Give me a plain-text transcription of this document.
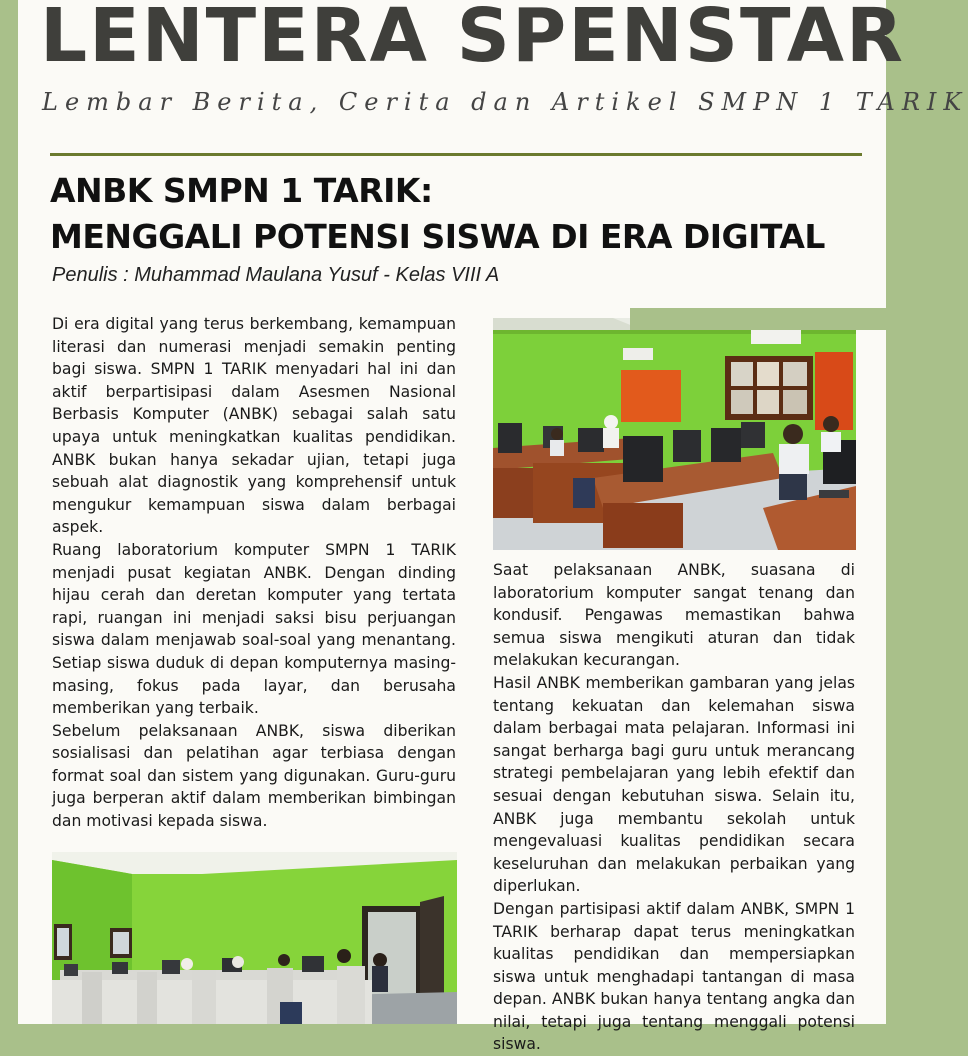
LENTERA SPENSTAR
Lembar Berita, Cerita dan Artikel SMPN 1 TARIK
ANBK SMPN 1 TARIK:
MENGGALI POTENSI SISWA DI ERA DIGITAL
Penulis : Muhammad Maulana Yusuf - Kelas VIII A

Di era digital yang terus berkembang, kemampuan literasi dan numerasi menjadi semakin penting bagi siswa. SMPN 1 TARIK menyadari hal ini dan aktif berpartisipasi dalam Asesmen Nasional Berbasis Komputer (ANBK) sebagai salah satu upaya untuk meningkatkan kualitas pendidikan. ANBK bukan hanya sekadar ujian, tetapi juga sebuah alat diagnostik yang komprehensif untuk mengukur kemampuan siswa dalam berbagai aspek.

Ruang laboratorium komputer SMPN 1 TARIK menjadi pusat kegiatan ANBK. Dengan dinding hijau cerah dan deretan komputer yang tertata rapi, ruangan ini menjadi saksi bisu perjuangan siswa dalam menjawab soal-soal yang menantang. Setiap siswa duduk di depan komputernya masing-masing, fokus pada layar, dan berusaha memberikan yang terbaik.

Sebelum pelaksanaan ANBK, siswa diberikan sosialisasi dan pelatihan agar terbiasa dengan format soal dan sistem yang digunakan. Guru-guru juga berperan aktif dalam memberikan bimbingan dan motivasi kepada siswa.

Saat pelaksanaan ANBK, suasana di laboratorium komputer sangat tenang dan kondusif. Pengawas memastikan bahwa semua siswa mengikuti aturan dan tidak melakukan kecurangan.

Hasil ANBK memberikan gambaran yang jelas tentang kekuatan dan kelemahan siswa dalam berbagai mata pelajaran. Informasi ini sangat berharga bagi guru untuk merancang strategi pembelajaran yang lebih efektif dan sesuai dengan kebutuhan siswa. Selain itu, ANBK juga membantu sekolah untuk mengevaluasi kualitas pendidikan secara keseluruhan dan melakukan perbaikan yang diperlukan.

Dengan partisipasi aktif dalam ANBK, SMPN 1 TARIK berharap dapat terus meningkatkan kualitas pendidikan dan mempersiapkan siswa untuk menghadapi tantangan di masa depan. ANBK bukan hanya tentang angka dan nilai, tetapi juga tentang menggali potensi siswa.
